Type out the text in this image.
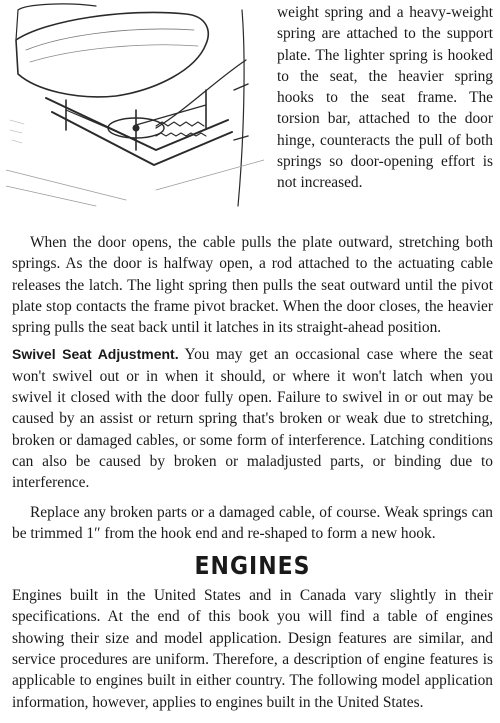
weight spring and a heavy-weight spring are attached to the support plate. The lighter spring is hooked to the seat, the heavier spring hooks to the seat frame. The torsion bar, attached to the door hinge, counteracts the pull of both springs so door-opening effort is not increased.

When the door opens, the cable pulls the plate outward, stretching both springs. As the door is halfway open, a rod attached to the actuating cable releases the latch. The light spring then pulls the seat outward until the pivot plate stop contacts the frame pivot bracket. When the door closes, the heavier spring pulls the seat back until it latches in its straight-ahead position.

Swivel Seat Adjustment. You may get an occasional case where the seat won't swivel out or in when it should, or where it won't latch when you swivel it closed with the door fully open. Failure to swivel in or out may be caused by an assist or return spring that's broken or weak due to stretching, broken or damaged cables, or some form of interference. Latching conditions can also be caused by broken or maladjusted parts, or binding due to interference.

Replace any broken parts or a damaged cable, of course. Weak springs can be trimmed 1″ from the hook end and re-shaped to form a new hook.

ENGINES

Engines built in the United States and in Canada vary slightly in their specifications. At the end of this book you will find a table of engines showing their size and model application. Design features are similar, and service procedures are uniform. Therefore, a description of engine features is applicable to engines built in either country. The following model application information, however, applies to engines built in the United States.
